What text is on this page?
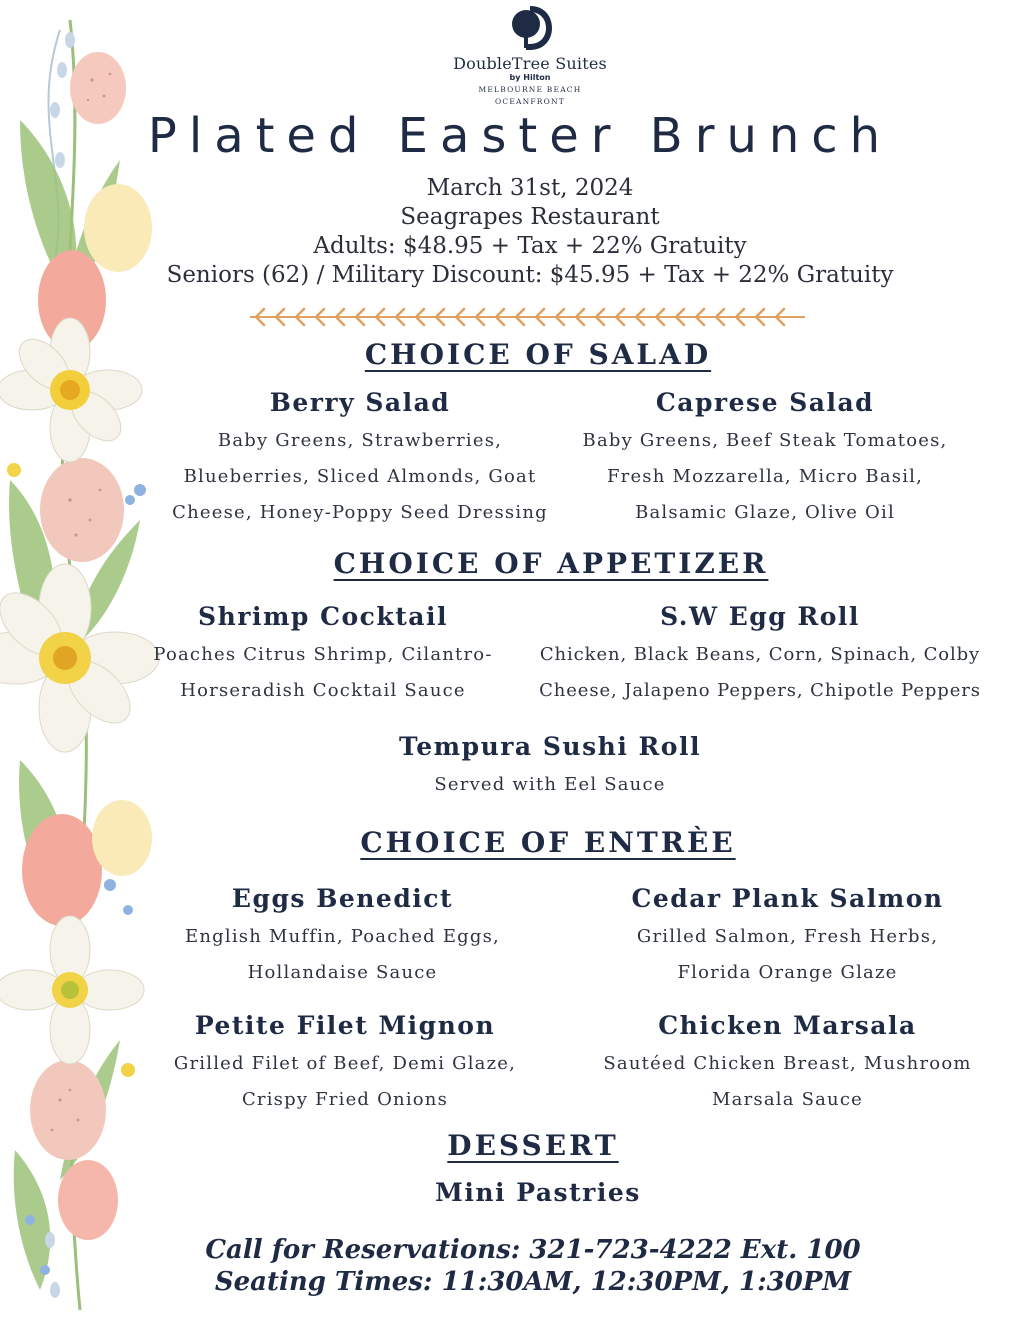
DoubleTree Suites
by Hilton
MELBOURNE BEACH
OCEANFRONT
Plated Easter Brunch
March 31st, 2024
Seagrapes Restaurant
Adults: $48.95 + Tax + 22% Gratuity
Seniors (62) / Military Discount: $45.95 + Tax + 22% Gratuity
CHOICE OF SALAD
Berry Salad
Baby Greens, Strawberries,
Blueberries, Sliced Almonds, Goat
Cheese, Honey-Poppy Seed Dressing
Caprese Salad
Baby Greens, Beef Steak Tomatoes,
Fresh Mozzarella, Micro Basil,
Balsamic Glaze, Olive Oil
CHOICE OF APPETIZER
Shrimp Cocktail
Poaches Citrus Shrimp, Cilantro-
Horseradish Cocktail Sauce
S.W Egg Roll
Chicken, Black Beans, Corn, Spinach, Colby
Cheese, Jalapeno Peppers, Chipotle Peppers
Tempura Sushi Roll
Served with Eel Sauce
CHOICE OF ENTRÈE
Eggs Benedict
English Muffin, Poached Eggs,
Hollandaise Sauce
Cedar Plank Salmon
Grilled Salmon, Fresh Herbs,
Florida Orange Glaze
Petite Filet Mignon
Grilled Filet of Beef, Demi Glaze,
Crispy Fried Onions
Chicken Marsala
Sautéed Chicken Breast, Mushroom
Marsala Sauce
DESSERT
Mini Pastries
Call for Reservations: 321-723-4222 Ext. 100
Seating Times: 11:30AM, 12:30PM, 1:30PM
